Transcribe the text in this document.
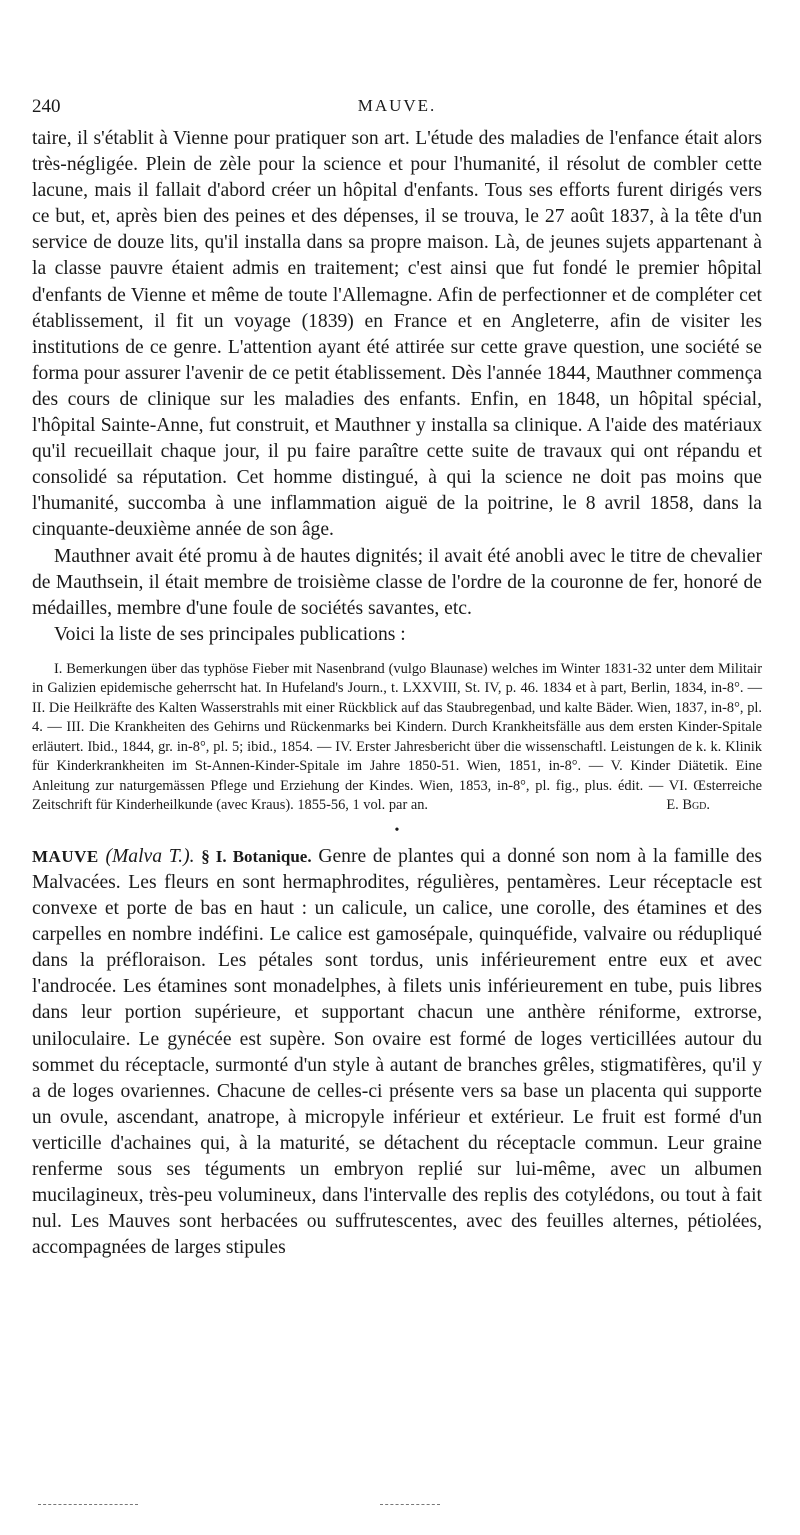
240	MAUVE.

taire, il s'établit à Vienne pour pratiquer son art. L'étude des maladies de l'enfance était alors très-négligée. Plein de zèle pour la science et pour l'humanité, il résolut de combler cette lacune, mais il fallait d'abord créer un hôpital d'enfants. Tous ses efforts furent dirigés vers ce but, et, après bien des peines et des dépenses, il se trouva, le 27 août 1837, à la tête d'un service de douze lits, qu'il installa dans sa propre maison. Là, de jeunes sujets appartenant à la classe pauvre étaient admis en traitement; c'est ainsi que fut fondé le premier hôpital d'enfants de Vienne et même de toute l'Allemagne. Afin de perfectionner et de compléter cet établissement, il fit un voyage (1839) en France et en Angleterre, afin de visiter les institutions de ce genre. L'attention ayant été attirée sur cette grave question, une société se forma pour assurer l'avenir de ce petit établissement. Dès l'année 1844, Mauthner commença des cours de clinique sur les maladies des enfants. Enfin, en 1848, un hôpital spécial, l'hôpital Sainte-Anne, fut construit, et Mauthner y installa sa clinique. A l'aide des matériaux qu'il recueillait chaque jour, il pu faire paraître cette suite de travaux qui ont répandu et consolidé sa réputation. Cet homme distingué, à qui la science ne doit pas moins que l'humanité, succomba à une inflammation aiguë de la poitrine, le 8 avril 1858, dans la cinquante-deuxième année de son âge.

Mauthner avait été promu à de hautes dignités; il avait été anobli avec le titre de chevalier de Mauthsein, il était membre de troisième classe de l'ordre de la couronne de fer, honoré de médailles, membre d'une foule de sociétés savantes, etc.

Voici la liste de ses principales publications :

I. Bemerkungen über das typhöse Fieber mit Nasenbrand (vulgo Blaunase) welches im Winter 1831-32 unter dem Militair in Galizien epidemische geherrscht hat. In Hufeland's Journ., t. LXXVIII, St. IV, p. 46. 1834 et à part, Berlin, 1834, in-8°. — II. Die Heilkräfte des Kalten Wasserstrahls mit einer Rückblick auf das Staubregenbad, und kalte Bäder. Wien, 1837, in-8°, pl. 4. — III. Die Krankheiten des Gehirns und Rückenmarks bei Kindern. Durch Krankheitsfälle aus dem ersten Kinder-Spitale erläutert. Ibid., 1844, gr. in-8°, pl. 5; ibid., 1854. — IV. Erster Jahresbericht über die wissenschaftl. Leistungen de k. k. Klinik für Kinderkrankheiten im St-Annen-Kinder-Spitale im Jahre 1850-51. Wien, 1851, in-8°. — V. Kinder Diätetik. Eine Anleitung zur naturgemässen Pflege und Erziehung der Kindes. Wien, 1853, in-8°, pl. fig., plus. édit. — VI. Œsterreiche Zeitschrift für Kinderheilkunde (avec Kraus). 1855-56, 1 vol. par an.	E. Bgd.
•

MAUVE (Malva T.). § I. Botanique. Genre de plantes qui a donné son nom à la famille des Malvacées. Les fleurs en sont hermaphrodites, régulières, pentamères. Leur réceptacle est convexe et porte de bas en haut : un calicule, un calice, une corolle, des étamines et des carpelles en nombre indéfini. Le calice est gamosépale, quinquéfide, valvaire ou rédupliqué dans la préfloraison. Les pétales sont tordus, unis inférieurement entre eux et avec l'androcée. Les étamines sont monadelphes, à filets unis inférieurement en tube, puis libres dans leur portion supérieure, et supportant chacun une anthère réniforme, extrorse, uniloculaire. Le gynécée est supère. Son ovaire est formé de loges verticillées autour du sommet du réceptacle, surmonté d'un style à autant de branches grêles, stigmatifères, qu'il y a de loges ovariennes. Chacune de celles-ci présente vers sa base un placenta qui supporte un ovule, ascendant, anatrope, à micropyle inférieur et extérieur. Le fruit est formé d'un verticille d'achaines qui, à la maturité, se détachent du réceptacle commun. Leur graine renferme sous ses téguments un embryon replié sur lui-même, avec un albumen mucilagineux, très-peu volumineux, dans l'intervalle des replis des cotylédons, ou tout à fait nul. Les Mauves sont herbacées ou suffrutescentes, avec des feuilles alternes, pétiolées, accompagnées de larges stipules
